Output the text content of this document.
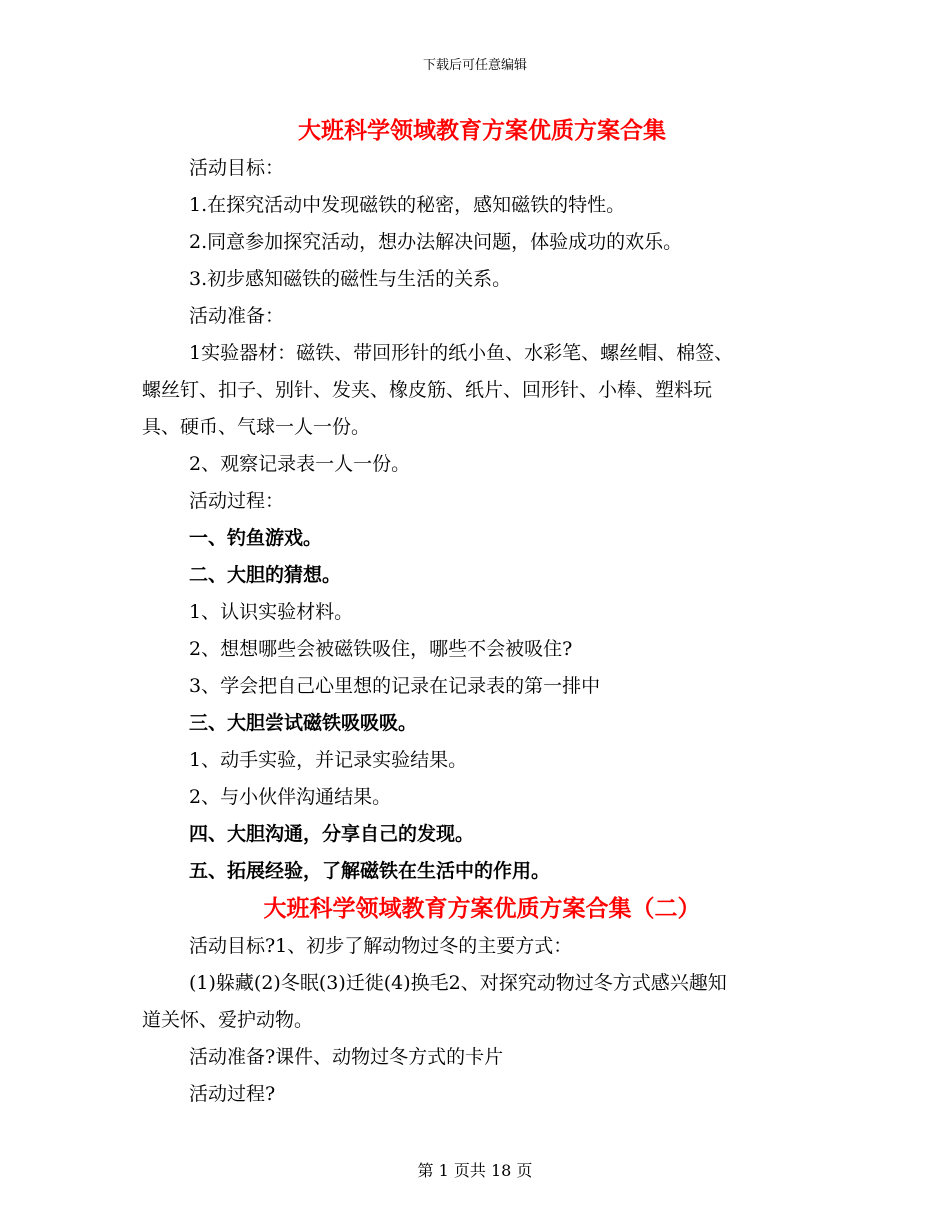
下载后可任意编辑
大班科学领域教育方案优质方案合集
活动目标：
1.在探究活动中发现磁铁的秘密，感知磁铁的特性。
2.同意参加探究活动，想办法解决问题，体验成功的欢乐。
3.初步感知磁铁的磁性与生活的关系。
活动准备：
1实验器材：磁铁、带回形针的纸小鱼、水彩笔、螺丝帽、棉签、
螺丝钉、扣子、别针、发夹、橡皮筋、纸片、回形针、小棒、塑料玩
具、硬币、气球一人一份。
2、观察记录表一人一份。
活动过程：
一、钓鱼游戏。
二、大胆的猜想。
1、认识实验材料。
2、想想哪些会被磁铁吸住，哪些不会被吸住?
3、学会把自己心里想的记录在记录表的第一排中
三、大胆尝试磁铁吸吸吸。
1、动手实验，并记录实验结果。
2、与小伙伴沟通结果。
四、大胆沟通，分享自己的发现。
五、拓展经验，了解磁铁在生活中的作用。
大班科学领域教育方案优质方案合集（二）
活动目标?1、初步了解动物过冬的主要方式：
(1)躲藏(2)冬眠(3)迁徙(4)换毛2、对探究动物过冬方式感兴趣知
道关怀、爱护动物。
活动准备?课件、动物过冬方式的卡片
活动过程?
第 1 页共 18 页
